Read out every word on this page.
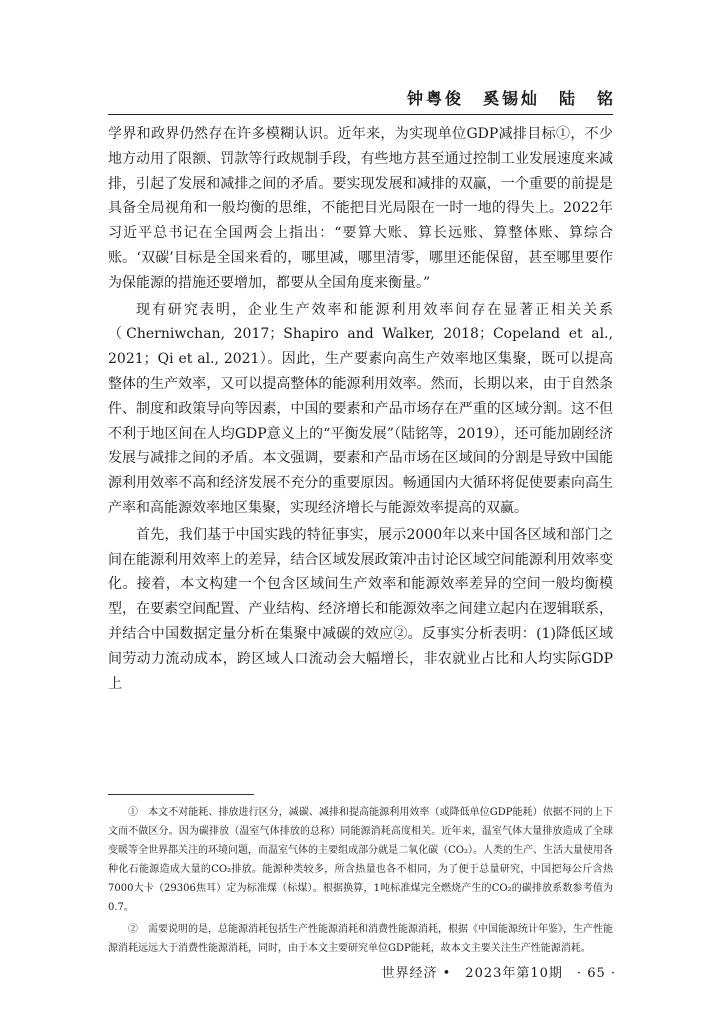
钟粤俊　奚锡灿　陆　铭

学界和政界仍然存在许多模糊认识。近年来，为实现单位GDP减排目标①，不少地方动用了限额、罚款等行政规制手段，有些地方甚至通过控制工业发展速度来减排，引起了发展和减排之间的矛盾。要实现发展和减排的双赢，一个重要的前提是具备全局视角和一般均衡的思维，不能把目光局限在一时一地的得失上。2022年习近平总书记在全国两会上指出：“要算大账、算长远账、算整体账、算综合账。‘双碳’目标是全国来看的，哪里减，哪里清零，哪里还能保留，甚至哪里要作为保能源的措施还要增加，都要从全国角度来衡量。”

现有研究表明，企业生产效率和能源利用效率间存在显著正相关关系（Cherniwchan, 2017；Shapiro and Walker, 2018；Copeland et al., 2021；Qi et al., 2021）。因此，生产要素向高生产效率地区集聚，既可以提高整体的生产效率，又可以提高整体的能源利用效率。然而，长期以来，由于自然条件、制度和政策导向等因素，中国的要素和产品市场存在严重的区域分割。这不但不利于地区间在人均GDP意义上的“平衡发展”（陆铭等，2019），还可能加剧经济发展与减排之间的矛盾。本文强调，要素和产品市场在区域间的分割是导致中国能源利用效率不高和经济发展不充分的重要原因。畅通国内大循环将促使要素向高生产率和高能源效率地区集聚，实现经济增长与能源效率提高的双赢。

首先，我们基于中国实践的特征事实，展示2000年以来中国各区域和部门之间在能源利用效率上的差异，结合区域发展政策冲击讨论区域空间能源利用效率变化。接着，本文构建一个包含区域间生产效率和能源效率差异的空间一般均衡模型，在要素空间配置、产业结构、经济增长和能源效率之间建立起内在逻辑联系，并结合中国数据定量分析在集聚中减碳的效应②。反事实分析表明：(1)降低区域间劳动力流动成本，跨区域人口流动会大幅增长，非农就业占比和人均实际GDP上

①　本文不对能耗、排放进行区分，减碳、减排和提高能源利用效率（或降低单位GDP能耗）依据不同的上下文而不做区分。因为碳排放（温室气体排放的总称）同能源消耗高度相关。近年来，温室气体大量排放造成了全球变暖等全世界都关注的环境问题，而温室气体的主要组成部分就是二氧化碳（CO₂）。人类的生产、生活大量使用各种化石能源造成大量的CO₂排放。能源种类较多，所含热量也各不相同，为了便于总量研究，中国把每公斤含热7000大卡（29306焦耳）定为标准煤（标煤）。根据换算，1吨标准煤完全燃烧产生的CO₂的碳排放系数参考值为0.7。

②　需要说明的是，总能源消耗包括生产性能源消耗和消费性能源消耗，根据《中国能源统计年鉴》，生产性能源消耗远远大于消费性能源消耗，同时，由于本文主要研究单位GDP能耗，故本文主要关注生产性能源消耗。

世界经济 •　2023年第10期　· 65 ·
